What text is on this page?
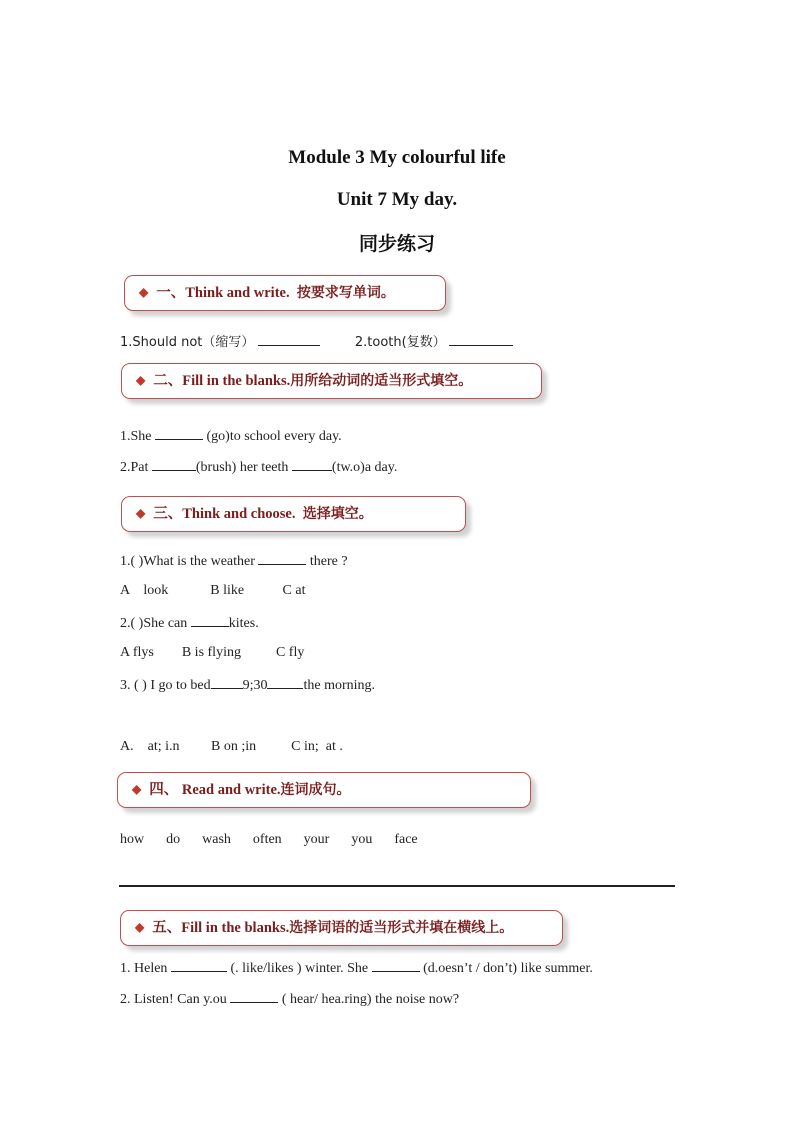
Module 3 My colourful life
Unit 7 My day.
同步练习
◆ 一、Think and write. 按要求写单词。
1.Should not（缩写）	2.tooth(复数）
◆ 二、Fill in the blanks.用所给动词的适当形式填空。
1.She	(go)to school every day.
2.Pat	(brush) her teeth	(tw.o)a day.
◆ 三、Think and choose. 选择填空。
1.( )What is the weather	there ?
A    look            B like           C at
2.( )She can	kites.
A flys        B is flying          C fly
3. ( ) I go to bed 9;30	the morning.
A.    at; i.n         B on ;in          C in;  at .
◆ 四、 Read and write.连词成句。
how do wash often your you face
◆ 五、Fill in the blanks.选择词语的适当形式并填在横线上。
1. Helen	(. like/likes ) winter. She	(d.oesn’t / don’t) like summer.
2. Listen! Can y.ou	( hear/ hea.ring) the noise now?
